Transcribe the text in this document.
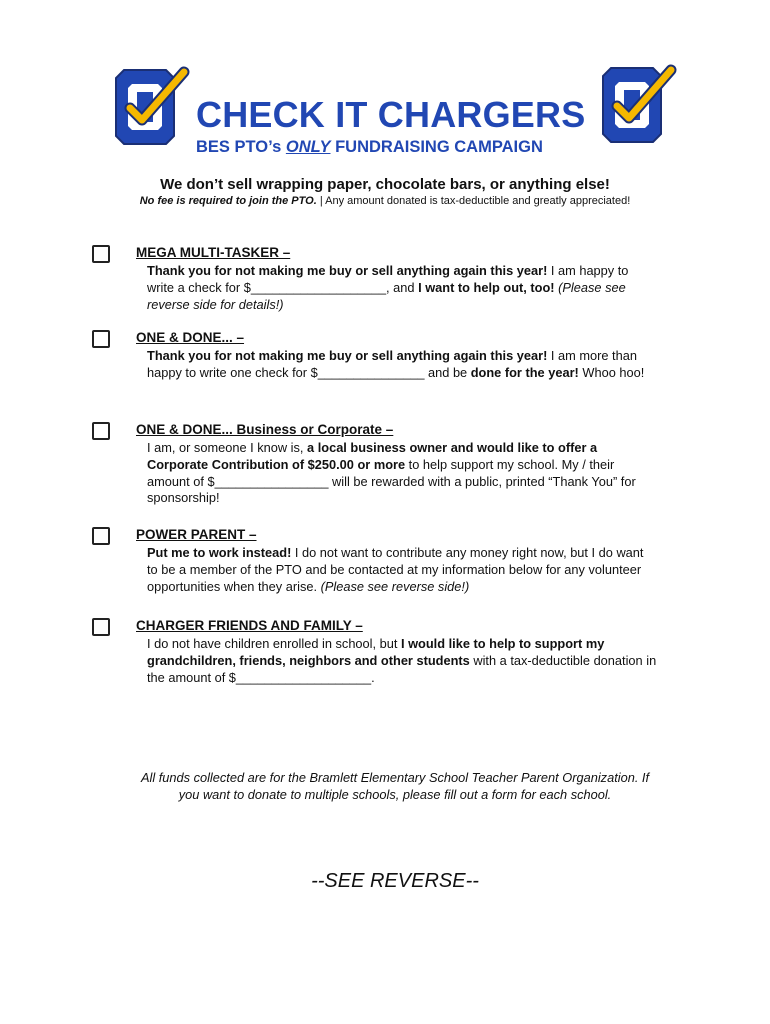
CHECK IT CHARGERS
BES PTO’s ONLY FUNDRAISING CAMPAIGN
We don’t sell wrapping paper, chocolate bars, or anything else!
No fee is required to join the PTO. | Any amount donated is tax-deductible and greatly appreciated!
MEGA MULTI-TASKER –
Thank you for not making me buy or sell anything again this year! I am happy to write a check for $___________________, and I want to help out, too! (Please see reverse side for details!)
ONE & DONE... –
Thank you for not making me buy or sell anything again this year! I am more than happy to write one check for $_______________ and be done for the year! Whoo hoo!
ONE & DONE... Business or Corporate –
I am, or someone I know is, a local business owner and would like to offer a Corporate Contribution of $250.00 or more to help support my school. My / their amount of $________________ will be rewarded with a public, printed “Thank You” for sponsorship!
POWER PARENT –
Put me to work instead! I do not want to contribute any money right now, but I do want to be a member of the PTO and be contacted at my information below for any volunteer opportunities when they arise. (Please see reverse side!)
CHARGER FRIENDS AND FAMILY –
I do not have children enrolled in school, but I would like to help to support my grandchildren, friends, neighbors and other students with a tax-deductible donation in the amount of $___________________.
All funds collected are for the Bramlett Elementary School Teacher Parent Organization. If you want to donate to multiple schools, please fill out a form for each school.
--SEE REVERSE--
